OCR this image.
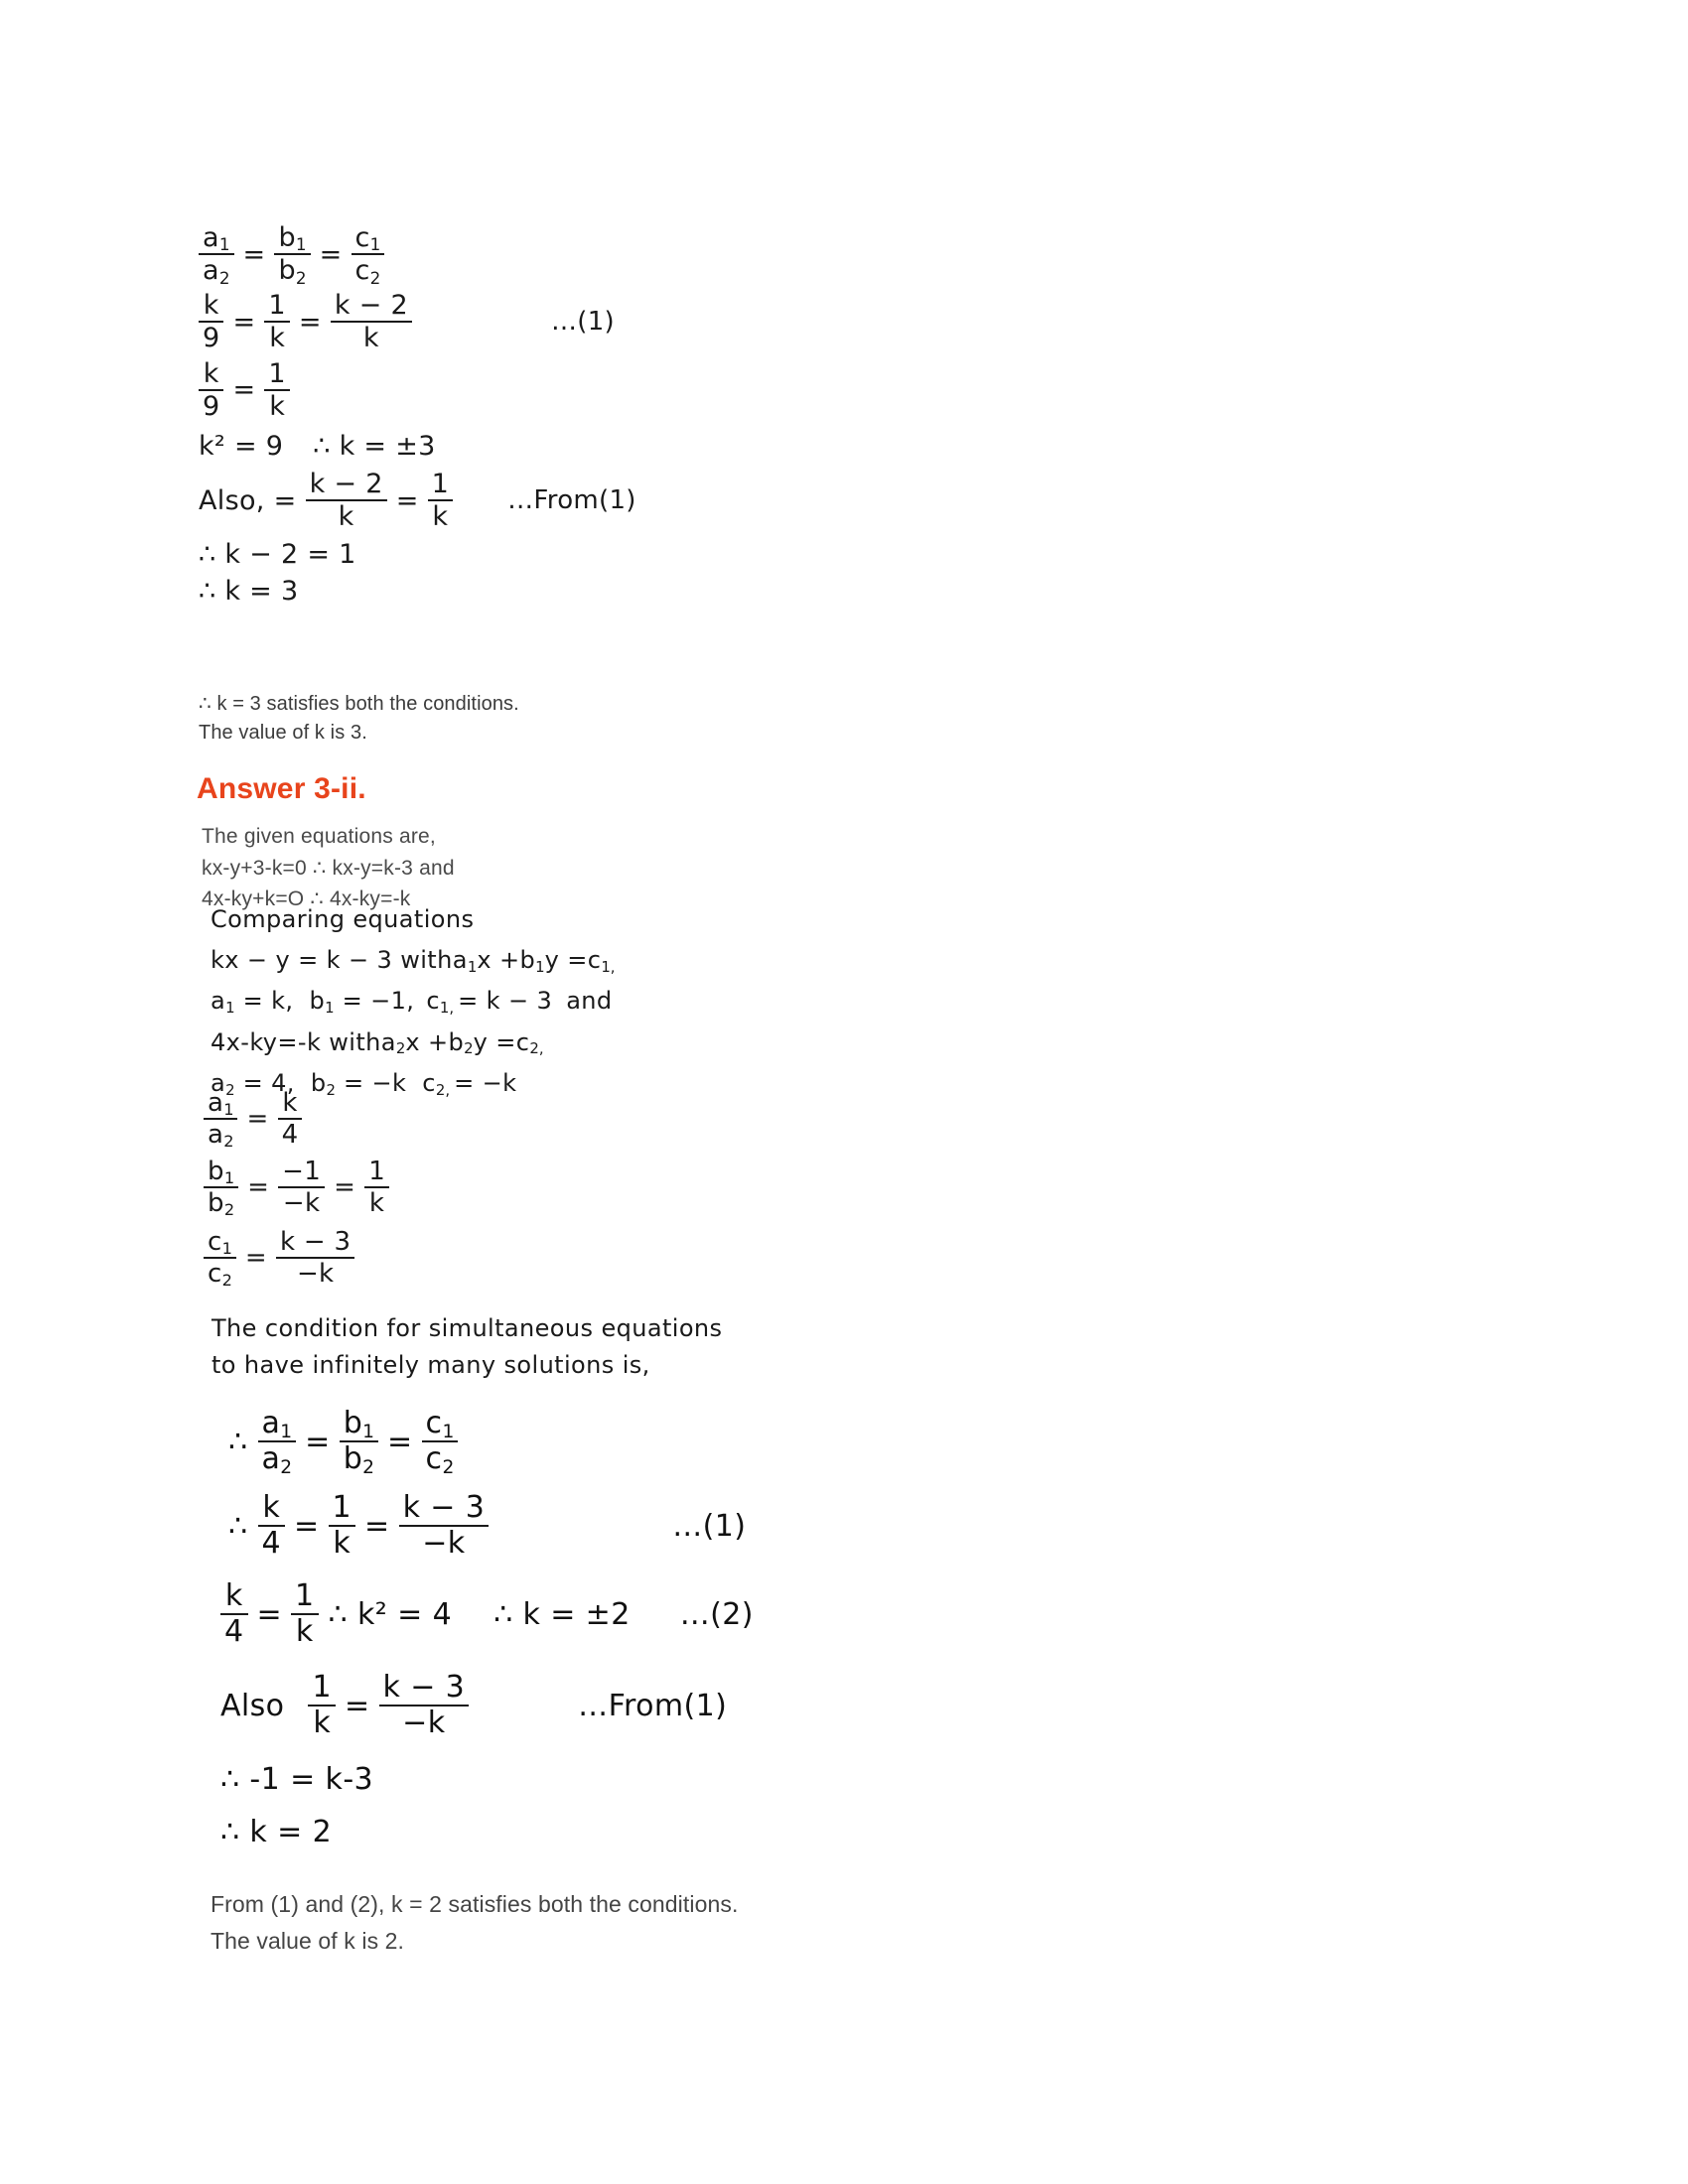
$\frac{a_1}{a_2} = \frac{b_1}{b_2} = \frac{c_1}{c_2}$
$\frac{k}{9} = \frac{1}{k} = \frac{k - 2}{k}$	…(1)
$\frac{k}{9} = \frac{1}{k}$
k² = 9 ∴ k = ±3
Also, = $\frac{k - 2}{k} = \frac{1}{k}$ …From(1)
∴ k − 2 = 1
∴ k = 3
∴ k = 3 satisfies both the conditions.
The value of k is 3.
Answer 3-ii.
The given equations are,
kx-y+3-k=0 ∴ kx-y=k-3 and
4x-ky+k=O ∴ 4x-ky=-k
Comparing equations
kx − y = k − 3 with $a_1$ $x + b_1$ $y = c_{1,}$
$a_1 = k$, $b_1 = -1$, $c_{1,} = k - 3$ and
4x-ky=-k with $a_2$ $x + b_2$ $y = c_{2,}$
$a_2 = 4$, $b_2 = -k$ $c_{2,} = -k$
$\frac{a_1}{a_2} = \frac{k}{4}$
$\frac{b_1}{b_2} = \frac{-1}{-k} = \frac{1}{k}$
$\frac{c_1}{c_2} = \frac{k - 3}{-k}$
The condition for simultaneous equations
to have infinitely many solutions is,
∴ $\frac{a_1}{a_2} = \frac{b_1}{b_2} = \frac{c_1}{c_2}$
∴ $\frac{k}{4} = \frac{1}{k} = \frac{k - 3}{-k}$	…(1)
$\frac{k}{4} = \frac{1}{k}$ ∴ k² = 4 ∴ k = ±2 …(2)
Also $\frac{1}{k} = \frac{k - 3}{-k}$	…From(1)
∴ -1 = k-3
∴ k = 2
From (1) and (2), k = 2 satisfies both the conditions.
The value of k is 2.
